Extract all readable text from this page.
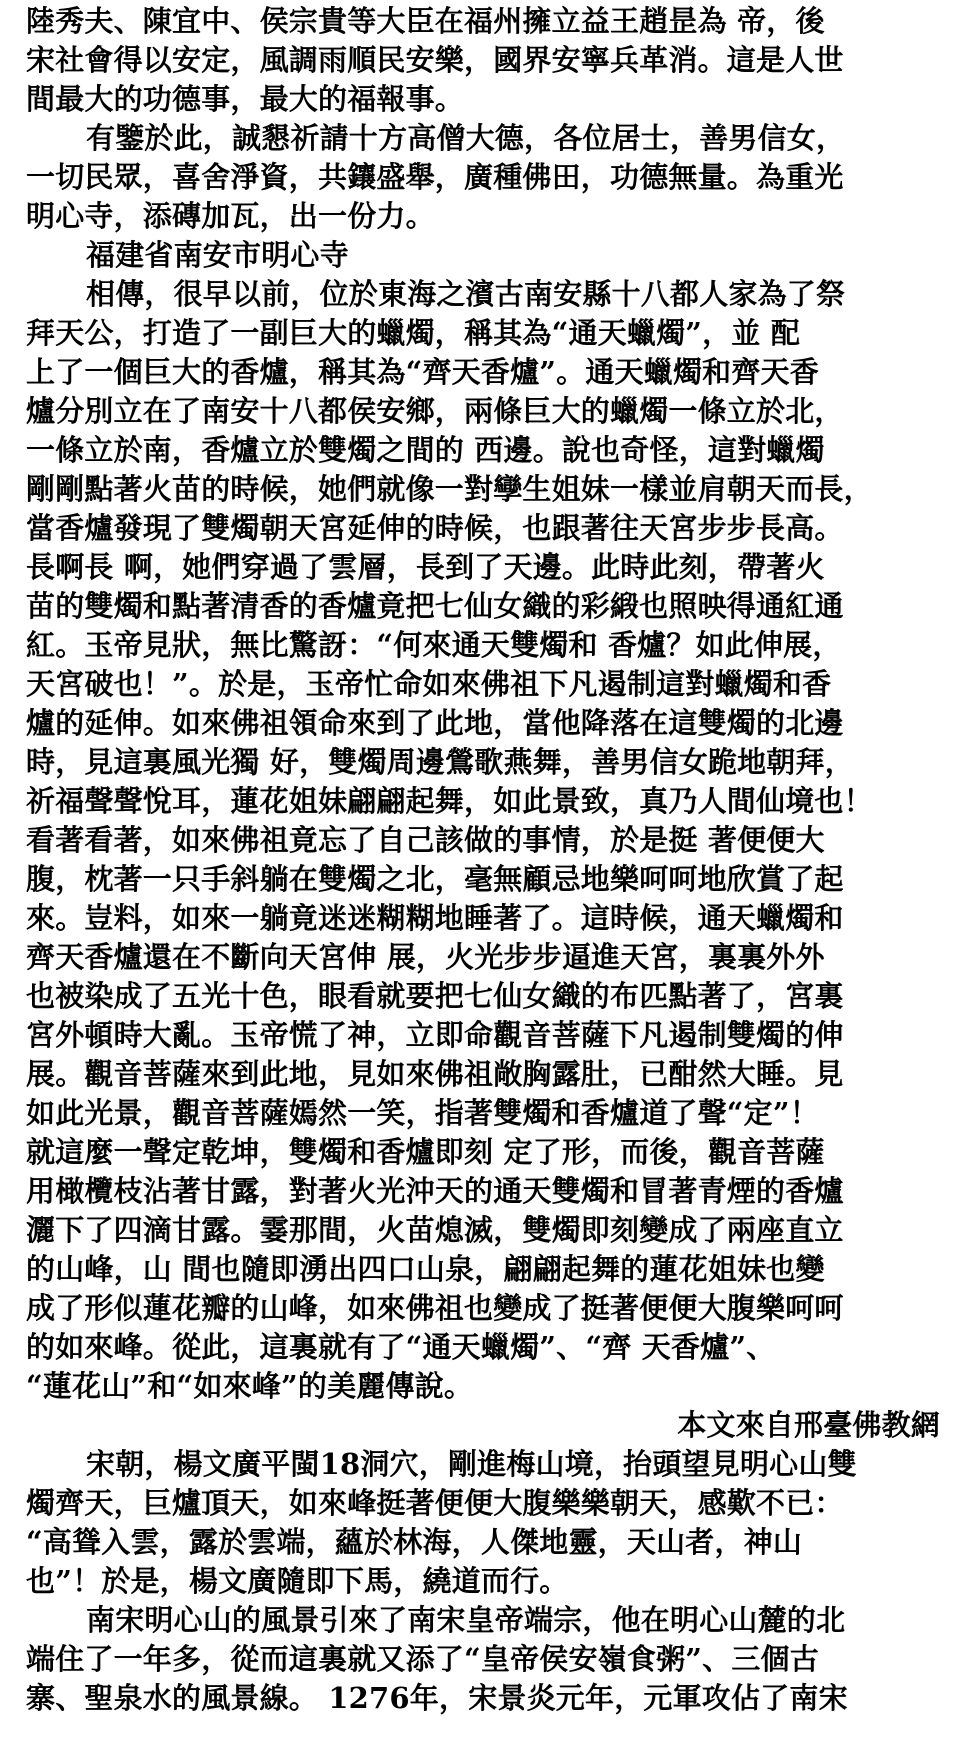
陸秀夫、陳宜中、侯宗貴等大臣在福州擁立益王趙昰為 帝，後
宋社會得以安定，風調雨順民安樂，國界安寧兵革消。這是人世
間最大的功德事，最大的福報事。
有鑒於此，誠懇祈請十方高僧大德，各位居士，善男信女，
一切民眾，喜舍淨資，共鑲盛舉，廣種佛田，功德無量。為重光
明心寺，添磚加瓦，出一份力。
福建省南安市明心寺
相傳，很早以前，位於東海之濱古南安縣十八都人家為了祭
拜天公，打造了一副巨大的蠟燭，稱其為“通天蠟燭”，並 配
上了一個巨大的香爐，稱其為“齊天香爐”。通天蠟燭和齊天香
爐分別立在了南安十八都侯安鄉，兩條巨大的蠟燭一條立於北，
一條立於南，香爐立於雙燭之間的 西邊。說也奇怪，這對蠟燭
剛剛點著火苗的時候，她們就像一對孿生姐妹一樣並肩朝天而長，
當香爐發現了雙燭朝天宮延伸的時候，也跟著往天宮步步長高。
長啊長 啊，她們穿過了雲層，長到了天邊。此時此刻，帶著火
苗的雙燭和點著清香的香爐竟把七仙女織的彩緞也照映得通紅通
紅。玉帝見狀，無比驚訝：“何來通天雙燭和 香爐？如此伸展，
天宮破也！”。於是，玉帝忙命如來佛祖下凡遏制這對蠟燭和香
爐的延伸。如來佛祖領命來到了此地，當他降落在這雙燭的北邊
時，見這裏風光獨 好，雙燭周邊鶯歌燕舞，善男信女跪地朝拜，
祈福聲聲悅耳，蓮花姐妹翩翩起舞，如此景致，真乃人間仙境也！
看著看著，如來佛祖竟忘了自己該做的事情，於是挺 著便便大
腹，枕著一只手斜躺在雙燭之北，毫無顧忌地樂呵呵地欣賞了起
來。豈料，如來一躺竟迷迷糊糊地睡著了。這時候，通天蠟燭和
齊天香爐還在不斷向天宮伸 展，火光步步逼進天宮，裏裏外外
也被染成了五光十色，眼看就要把七仙女織的布匹點著了，宮裏
宮外頓時大亂。玉帝慌了神，立即命觀音菩薩下凡遏制雙燭的伸
展。觀音菩薩來到此地，見如來佛祖敞胸露肚，已酣然大睡。見
如此光景，觀音菩薩嫣然一笑，指著雙燭和香爐道了聲“定”！
就這麼一聲定乾坤，雙燭和香爐即刻 定了形，而後，觀音菩薩
用橄欖枝沾著甘露，對著火光沖天的通天雙燭和冒著青煙的香爐
灑下了四滴甘露。霎那間，火苗熄滅，雙燭即刻變成了兩座直立
的山峰，山 間也隨即湧出四口山泉，翩翩起舞的蓮花姐妹也變
成了形似蓮花瓣的山峰，如來佛祖也變成了挺著便便大腹樂呵呵
的如來峰。從此，這裏就有了“通天蠟燭”、“齊 天香爐”、
“蓮花山”和“如來峰”的美麗傳說。
本文來自邢臺佛教網
宋朝，楊文廣平閩18洞穴，剛進梅山境，抬頭望見明心山雙
燭齊天，巨爐頂天，如來峰挺著便便大腹樂樂朝天，感歎不已：
“高聳入雲，露於雲端，蘊於林海，人傑地靈，天山者，神山
也”！於是，楊文廣隨即下馬，繞道而行。
南宋明心山的風景引來了南宋皇帝端宗，他在明心山麓的北
端住了一年多，從而這裏就又添了“皇帝侯安嶺食粥”、三個古
寨、聖泉水的風景線。 1276年，宋景炎元年，元軍攻佔了南宋
